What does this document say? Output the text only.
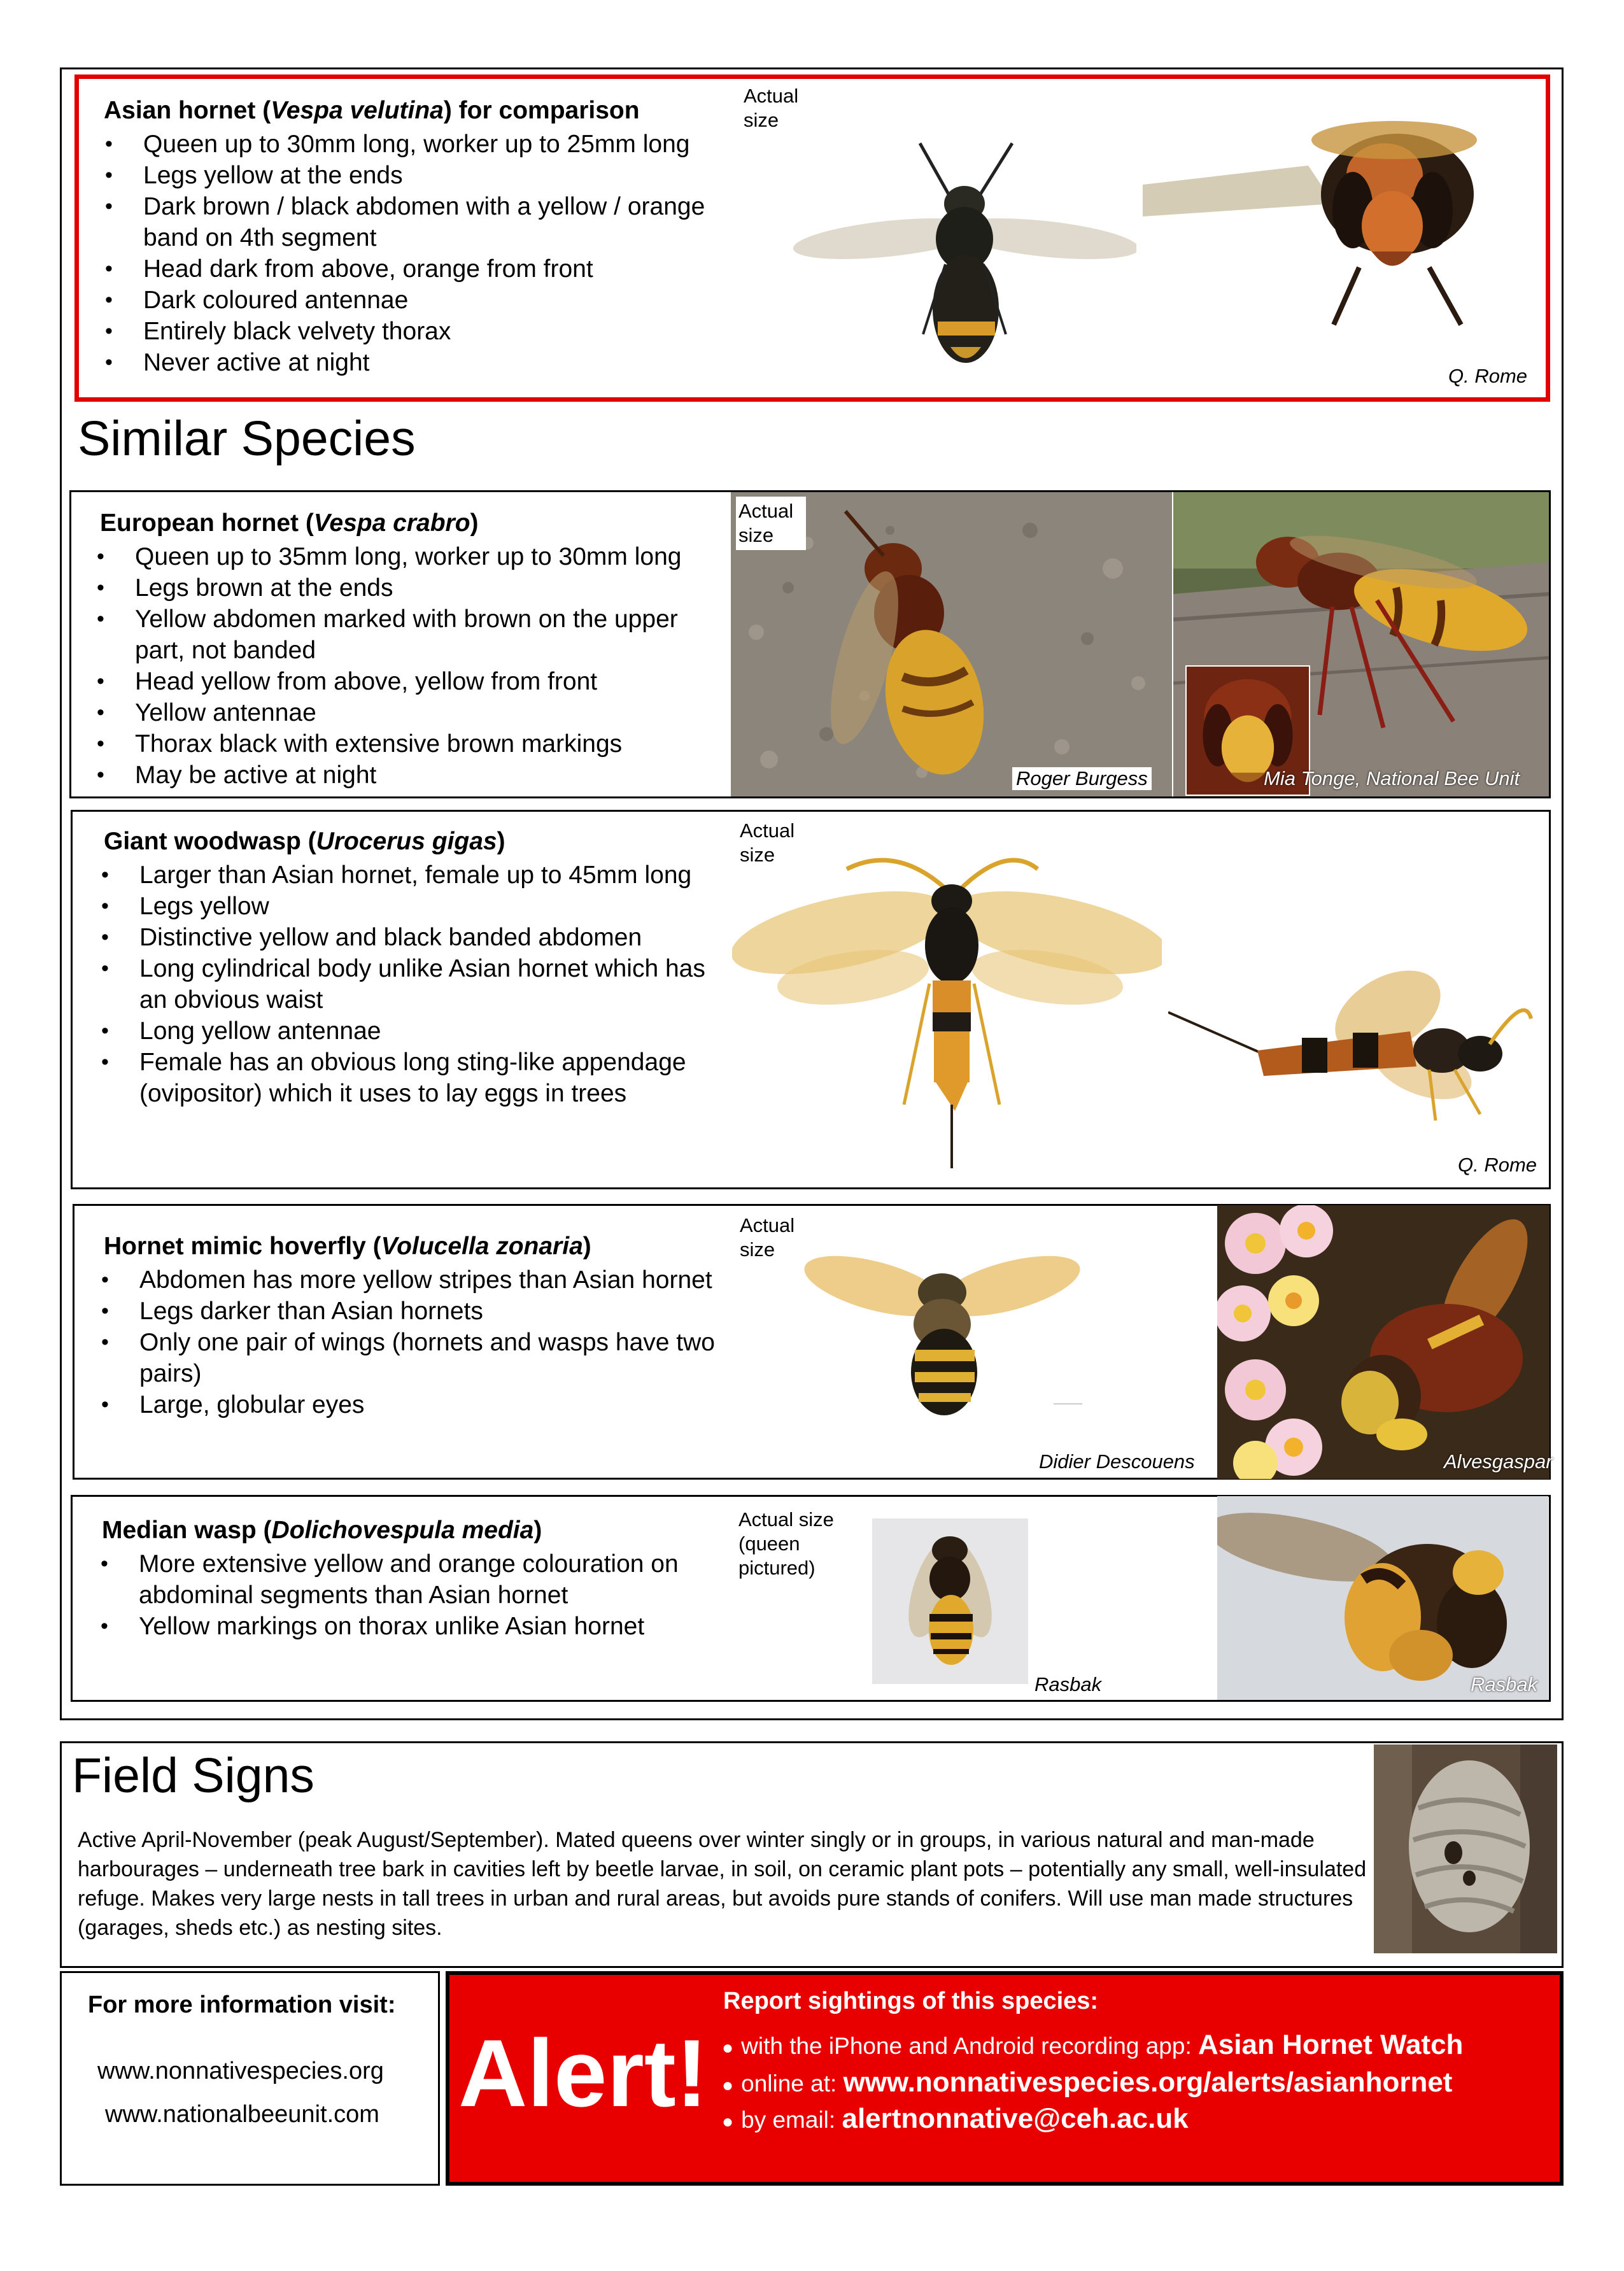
Asian hornet (Vespa velutina) for comparison
• Queen up to 30mm long, worker up to 25mm long
• Legs yellow at the ends
• Dark brown / black abdomen with a yellow / orange band on 4th segment
• Head dark from above, orange from front
• Dark coloured antennae
• Entirely black velvety thorax
• Never active at night
Actual size
Q. Rome
Similar Species
European hornet (Vespa crabro)
• Queen up to 35mm long, worker up to 30mm long
• Legs brown at the ends
• Yellow abdomen marked with brown on the upper part, not banded
• Head yellow from above, yellow from front
• Yellow antennae
• Thorax black with extensive brown markings
• May be active at night
Actual size
Roger Burgess	Mia Tonge, National Bee Unit
Giant woodwasp (Urocerus gigas)
• Larger than Asian hornet, female up to 45mm long
• Legs yellow
• Distinctive yellow and black banded abdomen
• Long cylindrical body unlike Asian hornet which has an obvious waist
• Long yellow antennae
• Female has an obvious long sting-like appendage (ovipositor) which it uses to lay eggs in trees
Actual size
Q. Rome
Hornet mimic hoverfly (Volucella zonaria)
• Abdomen has more yellow stripes than Asian hornet
• Legs darker than Asian hornets
• Only one pair of wings (hornets and wasps have two pairs)
• Large, globular eyes
Actual size
Didier Descouens	Alvesgaspar
Median wasp (Dolichovespula media)
• More extensive yellow and orange colouration on abdominal segments than Asian hornet
• Yellow markings on thorax unlike Asian hornet
Actual size (queen pictured)
Rasbak	Rasbak
Field Signs
Active April-November (peak August/September). Mated queens over winter singly or in groups, in various natural and man-made harbourages – underneath tree bark in cavities left by beetle larvae, in soil, on ceramic plant pots – potentially any small, well-insulated refuge. Makes very large nests in tall trees in urban and rural areas, but avoids pure stands of conifers. Will use man made structures (garages, sheds etc.) as nesting sites.
For more information visit:
www.nonnativespecies.org
www.nationalbeeunit.com Alert!
Report sightings of this species:
● with the iPhone and Android recording app: Asian Hornet Watch
● online at: www.nonnativespecies.org/alerts/asianhornet
● by email: alertnonnative@ceh.ac.uk
